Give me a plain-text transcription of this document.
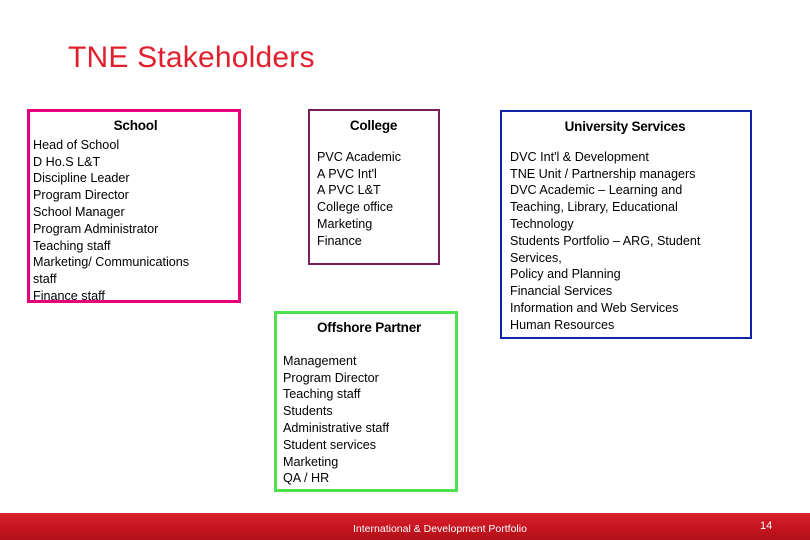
TNE Stakeholders
School
Head of School
D Ho.S L&T
Discipline Leader
Program Director
School Manager
Program Administrator
Teaching staff
Marketing/ Communications staff
Finance staff
College
PVC Academic
A PVC Int'l
A PVC L&T
College office
Marketing
Finance
University Services
DVC Int'l & Development
TNE Unit / Partnership managers
DVC Academic – Learning and Teaching, Library, Educational Technology
Students Portfolio – ARG, Student Services,
Policy and Planning
Financial Services
Information and Web Services
Human Resources
Offshore Partner
Management
Program Director
Teaching staff
Students
Administrative staff
Student services
Marketing
QA / HR
International & Development Portfolio	14
